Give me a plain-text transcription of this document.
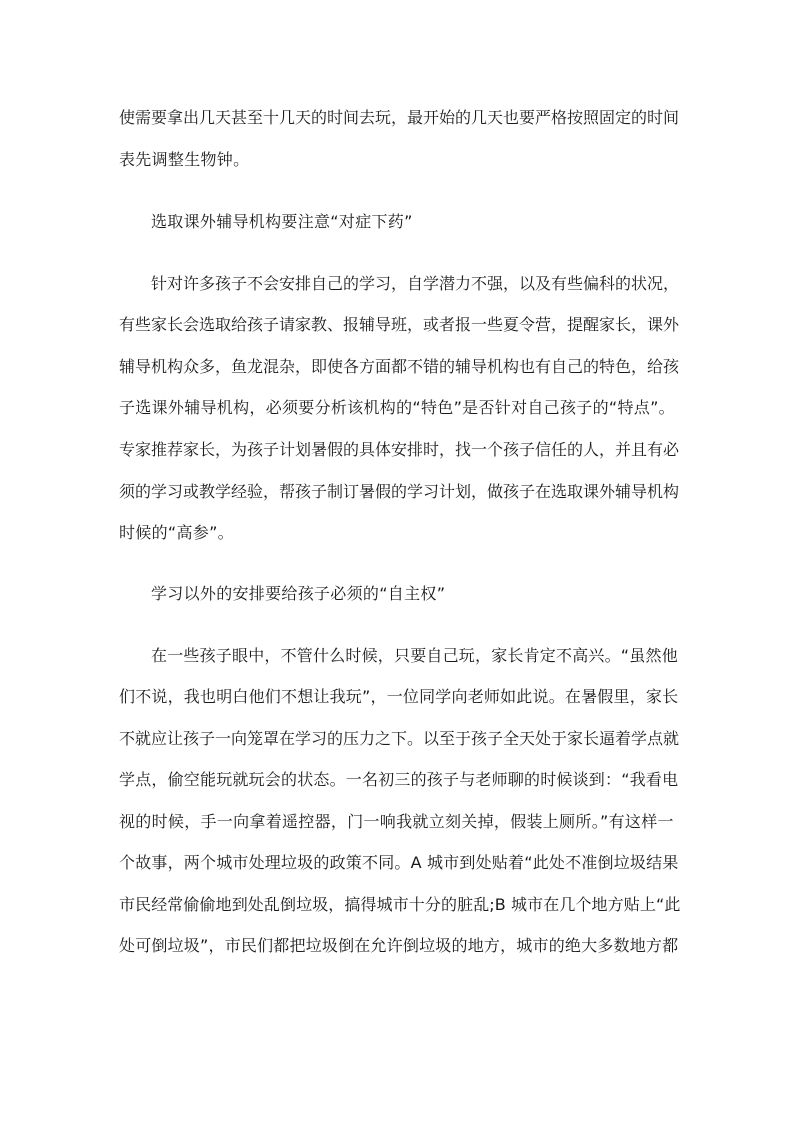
使需要拿出几天甚至十几天的时间去玩，最开始的几天也要严格按照固定的时间
表先调整生物钟。
选取课外辅导机构要注意“对症下药”
针对许多孩子不会安排自己的学习，自学潜力不强，以及有些偏科的状况，
有些家长会选取给孩子请家教、报辅导班，或者报一些夏令营，提醒家长，课外
辅导机构众多，鱼龙混杂，即使各方面都不错的辅导机构也有自己的特色，给孩
子选课外辅导机构，必须要分析该机构的“特色”是否针对自己孩子的“特点”。
专家推荐家长，为孩子计划暑假的具体安排时，找一个孩子信任的人，并且有必
须的学习或教学经验，帮孩子制订暑假的学习计划，做孩子在选取课外辅导机构
时候的“高参”。
学习以外的安排要给孩子必须的“自主权”
在一些孩子眼中，不管什么时候，只要自己玩，家长肯定不高兴。“虽然他
们不说，我也明白他们不想让我玩”，一位同学向老师如此说。在暑假里，家长
不就应让孩子一向笼罩在学习的压力之下。以至于孩子全天处于家长逼着学点就
学点，偷空能玩就玩会的状态。一名初三的孩子与老师聊的时候谈到：“我看电
视的时候，手一向拿着遥控器，门一响我就立刻关掉，假装上厕所。”有这样一
个故事，两个城市处理垃圾的政策不同。A 城市到处贴着“此处不准倒垃圾结果
市民经常偷偷地到处乱倒垃圾，搞得城市十分的脏乱;B 城市在几个地方贴上“此
处可倒垃圾”，市民们都把垃圾倒在允许倒垃圾的地方，城市的绝大多数地方都
